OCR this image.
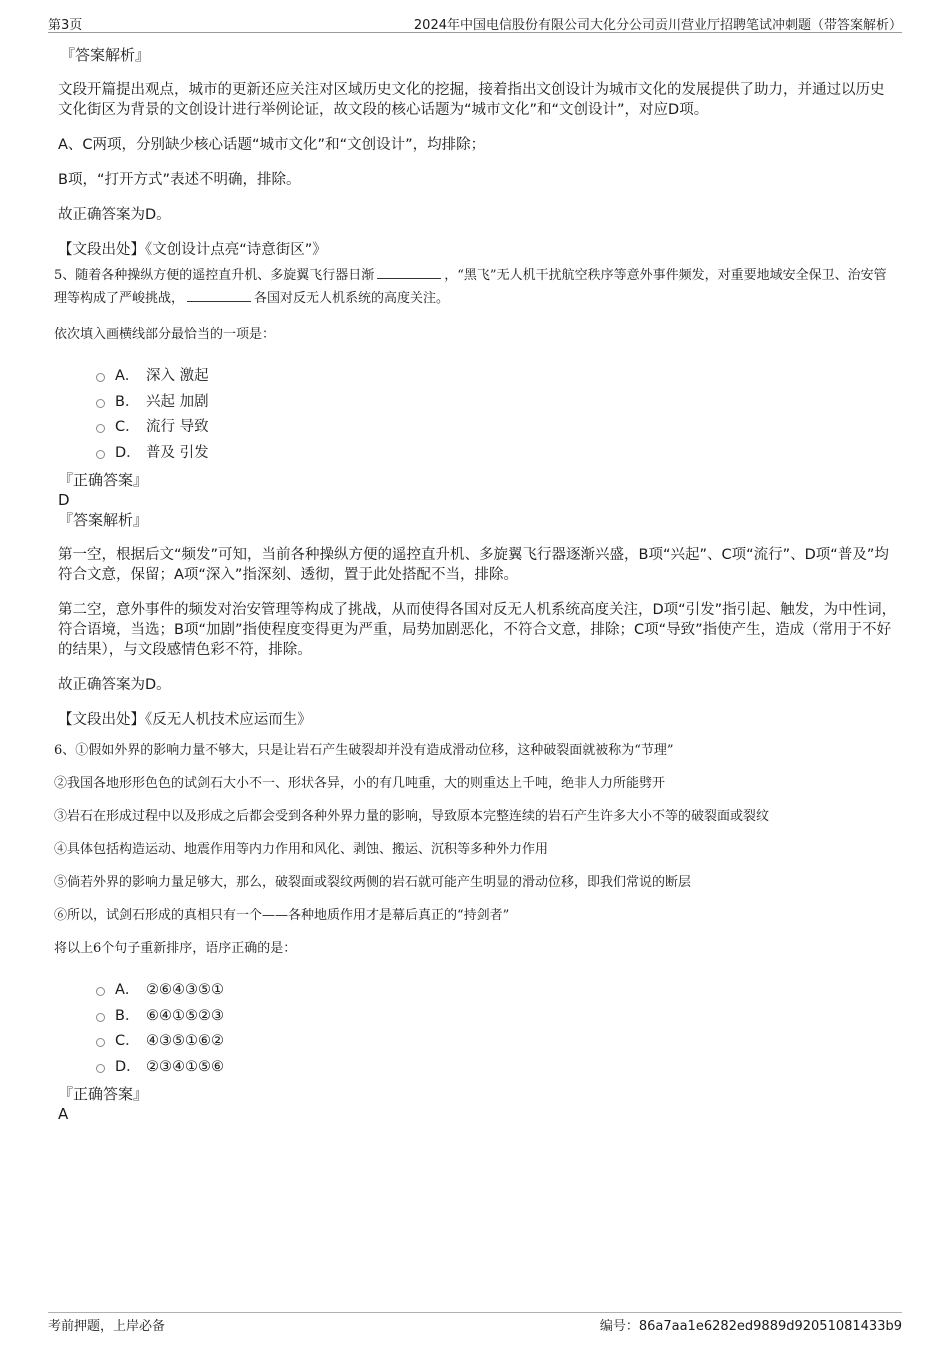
第3页	2024年中国电信股份有限公司大化分公司贡川营业厅招聘笔试冲刺题（带答案解析）

『答案解析』

文段开篇提出观点，城市的更新还应关注对区域历史文化的挖掘，接着指出文创设计为城市文化的发展提供了助力，并通过以历史文化街区为背景的文创设计进行举例论证，故文段的核心话题为“城市文化”和“文创设计”，对应D项。

A、C两项，分别缺少核心话题“城市文化”和“文创设计”，均排除；

B项，“打开方式”表述不明确，排除。

故正确答案为D。

【文段出处】《文创设计点亮“诗意街区”》

5、随着各种操纵方便的遥控直升机、多旋翼飞行器日渐	，“黑飞”无人机干扰航空秩序等意外事件频发，对重要地域安全保卫、治安管理等构成了严峻挑战，	各国对反无人机系统的高度关注。

依次填入画横线部分最恰当的一项是：

A． 深入 激起
B． 兴起 加剧
C． 流行 导致
D． 普及 引发

『正确答案』

D

『答案解析』

第一空，根据后文“频发”可知，当前各种操纵方便的遥控直升机、多旋翼飞行器逐渐兴盛，B项“兴起”、C项“流行”、D项“普及”均符合文意，保留；A项“深入”指深刻、透彻，置于此处搭配不当，排除。

第二空，意外事件的频发对治安管理等构成了挑战，从而使得各国对反无人机系统高度关注，D项“引发”指引起、触发，为中性词，符合语境，当选；B项“加剧”指使程度变得更为严重，局势加剧恶化，不符合文意，排除；C项“导致”指使产生，造成（常用于不好的结果），与文段感情色彩不符，排除。

故正确答案为D。

【文段出处】《反无人机技术应运而生》

6、①假如外界的影响力量不够大，只是让岩石产生破裂却并没有造成滑动位移，这种破裂面就被称为“节理”

②我国各地形形色色的试剑石大小不一、形状各异，小的有几吨重，大的则重达上千吨，绝非人力所能劈开

③岩石在形成过程中以及形成之后都会受到各种外界力量的影响，导致原本完整连续的岩石产生许多大小不等的破裂面或裂纹

④具体包括构造运动、地震作用等内力作用和风化、剥蚀、搬运、沉积等多种外力作用

⑤倘若外界的影响力量足够大，那么，破裂面或裂纹两侧的岩石就可能产生明显的滑动位移，即我们常说的断层

⑥所以，试剑石形成的真相只有一个——各种地质作用才是幕后真正的“持剑者”

将以上6个句子重新排序，语序正确的是：

A． ②⑥④③⑤①
B． ⑥④①⑤②③
C． ④③⑤①⑥②
D． ②③④①⑤⑥

『正确答案』

A

考前押题，上岸必备	编号：86a7aa1e6282ed9889d92051081433b9
